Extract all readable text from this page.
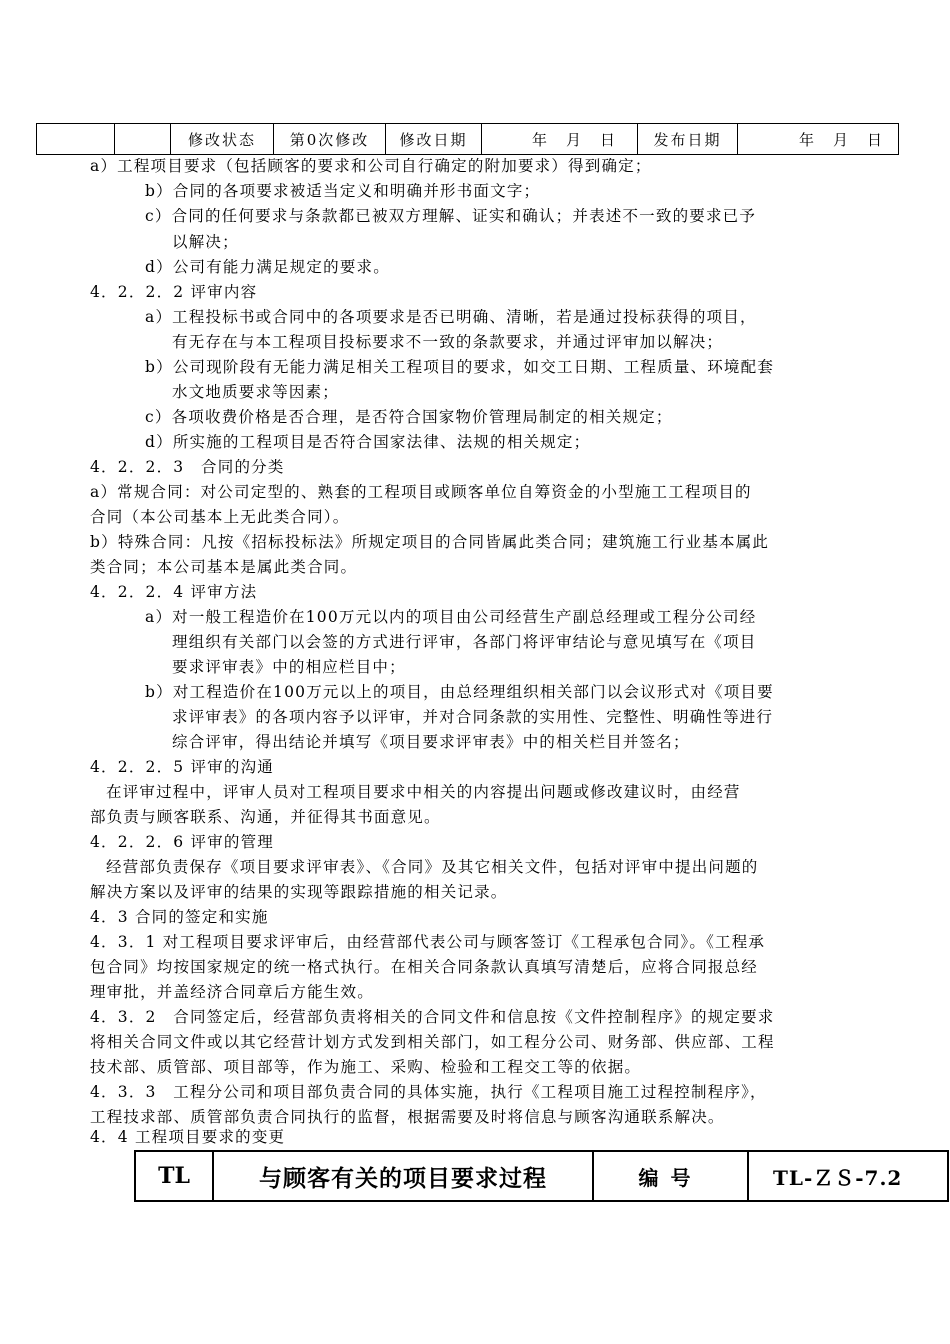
		修改状态	第0次修改	修改日期	年　月　日	发布日期	年　月　日
a）工程项目要求（包括顾客的要求和公司自行确定的附加要求）得到确定；
b）合同的各项要求被适当定义和明确并形书面文字；
c）合同的任何要求与条款都已被双方理解、证实和确认；并表述不一致的要求已予
以解决；
d）公司有能力满足规定的要求。
4．2．2．2 评审内容
a）工程投标书或合同中的各项要求是否已明确、清晰，若是通过投标获得的项目，
有无存在与本工程项目投标要求不一致的条款要求，并通过评审加以解决；
b）公司现阶段有无能力满足相关工程项目的要求，如交工日期、工程质量、环境配套
水文地质要求等因素；
c）各项收费价格是否合理，是否符合国家物价管理局制定的相关规定；
d）所实施的工程项目是否符合国家法律、法规的相关规定；
4．2．2．3　合同的分类
a）常规合同：对公司定型的、熟套的工程项目或顾客单位自筹资金的小型施工工程项目的
合同（本公司基本上无此类合同）。
b）特殊合同：凡按《招标投标法》所规定项目的合同皆属此类合同；建筑施工行业基本属此
类合同；本公司基本是属此类合同。
4．2．2．4 评审方法
a）对一般工程造价在100万元以内的项目由公司经营生产副总经理或工程分公司经
理组织有关部门以会签的方式进行评审，各部门将评审结论与意见填写在《项目
要求评审表》中的相应栏目中；
b）对工程造价在100万元以上的项目，由总经理组织相关部门以会议形式对《项目要
求评审表》的各项内容予以评审，并对合同条款的实用性、完整性、明确性等进行
综合评审，得出结论并填写《项目要求评审表》中的相关栏目并签名；
4．2．2．5 评审的沟通
在评审过程中，评审人员对工程项目要求中相关的内容提出问题或修改建议时，由经营
部负责与顾客联系、沟通，并征得其书面意见。
4．2．2．6 评审的管理
经营部负责保存《项目要求评审表》、《合同》及其它相关文件，包括对评审中提出问题的
解决方案以及评审的结果的实现等跟踪措施的相关记录。
4．3 合同的签定和实施
4．3．1 对工程项目要求评审后，由经营部代表公司与顾客签订《工程承包合同》。《工程承
包合同》均按国家规定的统一格式执行。在相关合同条款认真填写清楚后，应将合同报总经
理审批，并盖经济合同章后方能生效。
4．3．2　合同签定后，经营部负责将相关的合同文件和信息按《文件控制程序》的规定要求
将相关合同文件或以其它经营计划方式发到相关部门，如工程分公司、财务部、供应部、工程
技术部、质管部、项目部等，作为施工、采购、检验和工程交工等的依据。
4．3．3　工程分公司和项目部负责合同的具体实施，执行《工程项目施工过程控制程序》，
工程技求部、质管部负责合同执行的监督，根据需要及时将信息与顾客沟通联系解决。
4．4 工程项目要求的变更
TL	与顾客有关的项目要求过程	编号	TL-ＺＳ-7.2
